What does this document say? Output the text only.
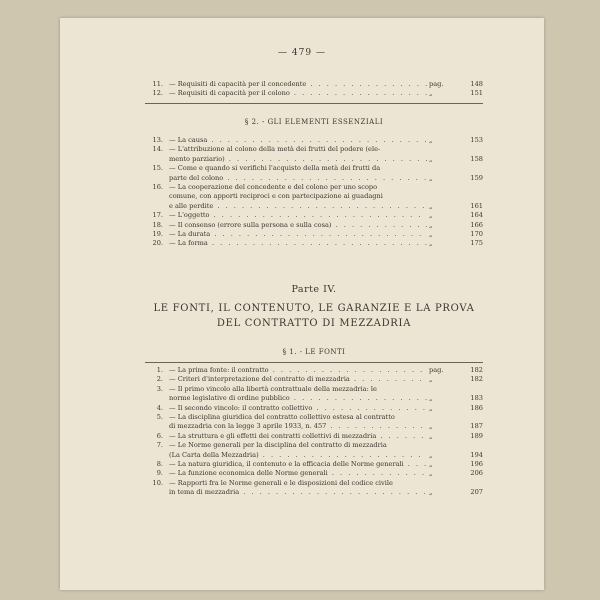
— 479 —
11. — Requisiti di capacità per il concedente . . .	pag.	148
12. — Requisiti di capacità per il colono . . .	„	151
§ 2. - GLI ELEMENTI ESSENZIALI
13. — La causa . . .	„	153
14. — L'attribuzione al colono della metà dei frutti del podere (ele-
mento parziario) . . .	„	158
15. — Come e quando si verifichi l'acquisto della metà dei frutti da
parte del colono . . .	„	159
16. — La cooperazione del concedente e del colono per uno scopo
comune, con apporti reciproci e con partecipazione ai guadagni
e alle perdite . . .	„	161
17. — L'oggetto . . .	„	164
18. — Il consenso (errore sulla persona e sulla cosa) . . .	„	166
19. — La durata . . .	„	170
20. — La forma . . .	„	175
Parte IV.
LE FONTI, IL CONTENUTO, LE GARANZIE E LA PROVA
DEL CONTRATTO DI MEZZADRIA
§ 1. - LE FONTI
1. — La prima fonte: il contratto . . .	pag.	182
2. — Criteri d'interpretazione del contratto di mezzadria . . .	„	182
3. — Il primo vincolo alla libertà contrattuale della mezzadria: le
norme legislative di ordine pubblico . . .	„	183
4. — Il secondo vincolo: il contratto collettivo . . .	„	186
5. — La disciplina giuridica del contratto collettivo estesa al contratto
di mezzadria con la legge 3 aprile 1933, n. 457 . . .	„	187
6. — La struttura e gli effetti dei contratti collettivi di mezzadria . . .	„	189
7. — Le Norme generali per la disciplina del contratto di mezzadria
(La Carta della Mezzadria) . . .	„	194
8. — La natura giuridica, il contenuto e la efficacia delle Norme generali . . .	„	196
9. — La funzione economica delle Norme generali . . .	„	206
10. — Rapporti fra le Norme generali e le disposizioni del codice civile
in tema di mezzadria . . .	„	207
